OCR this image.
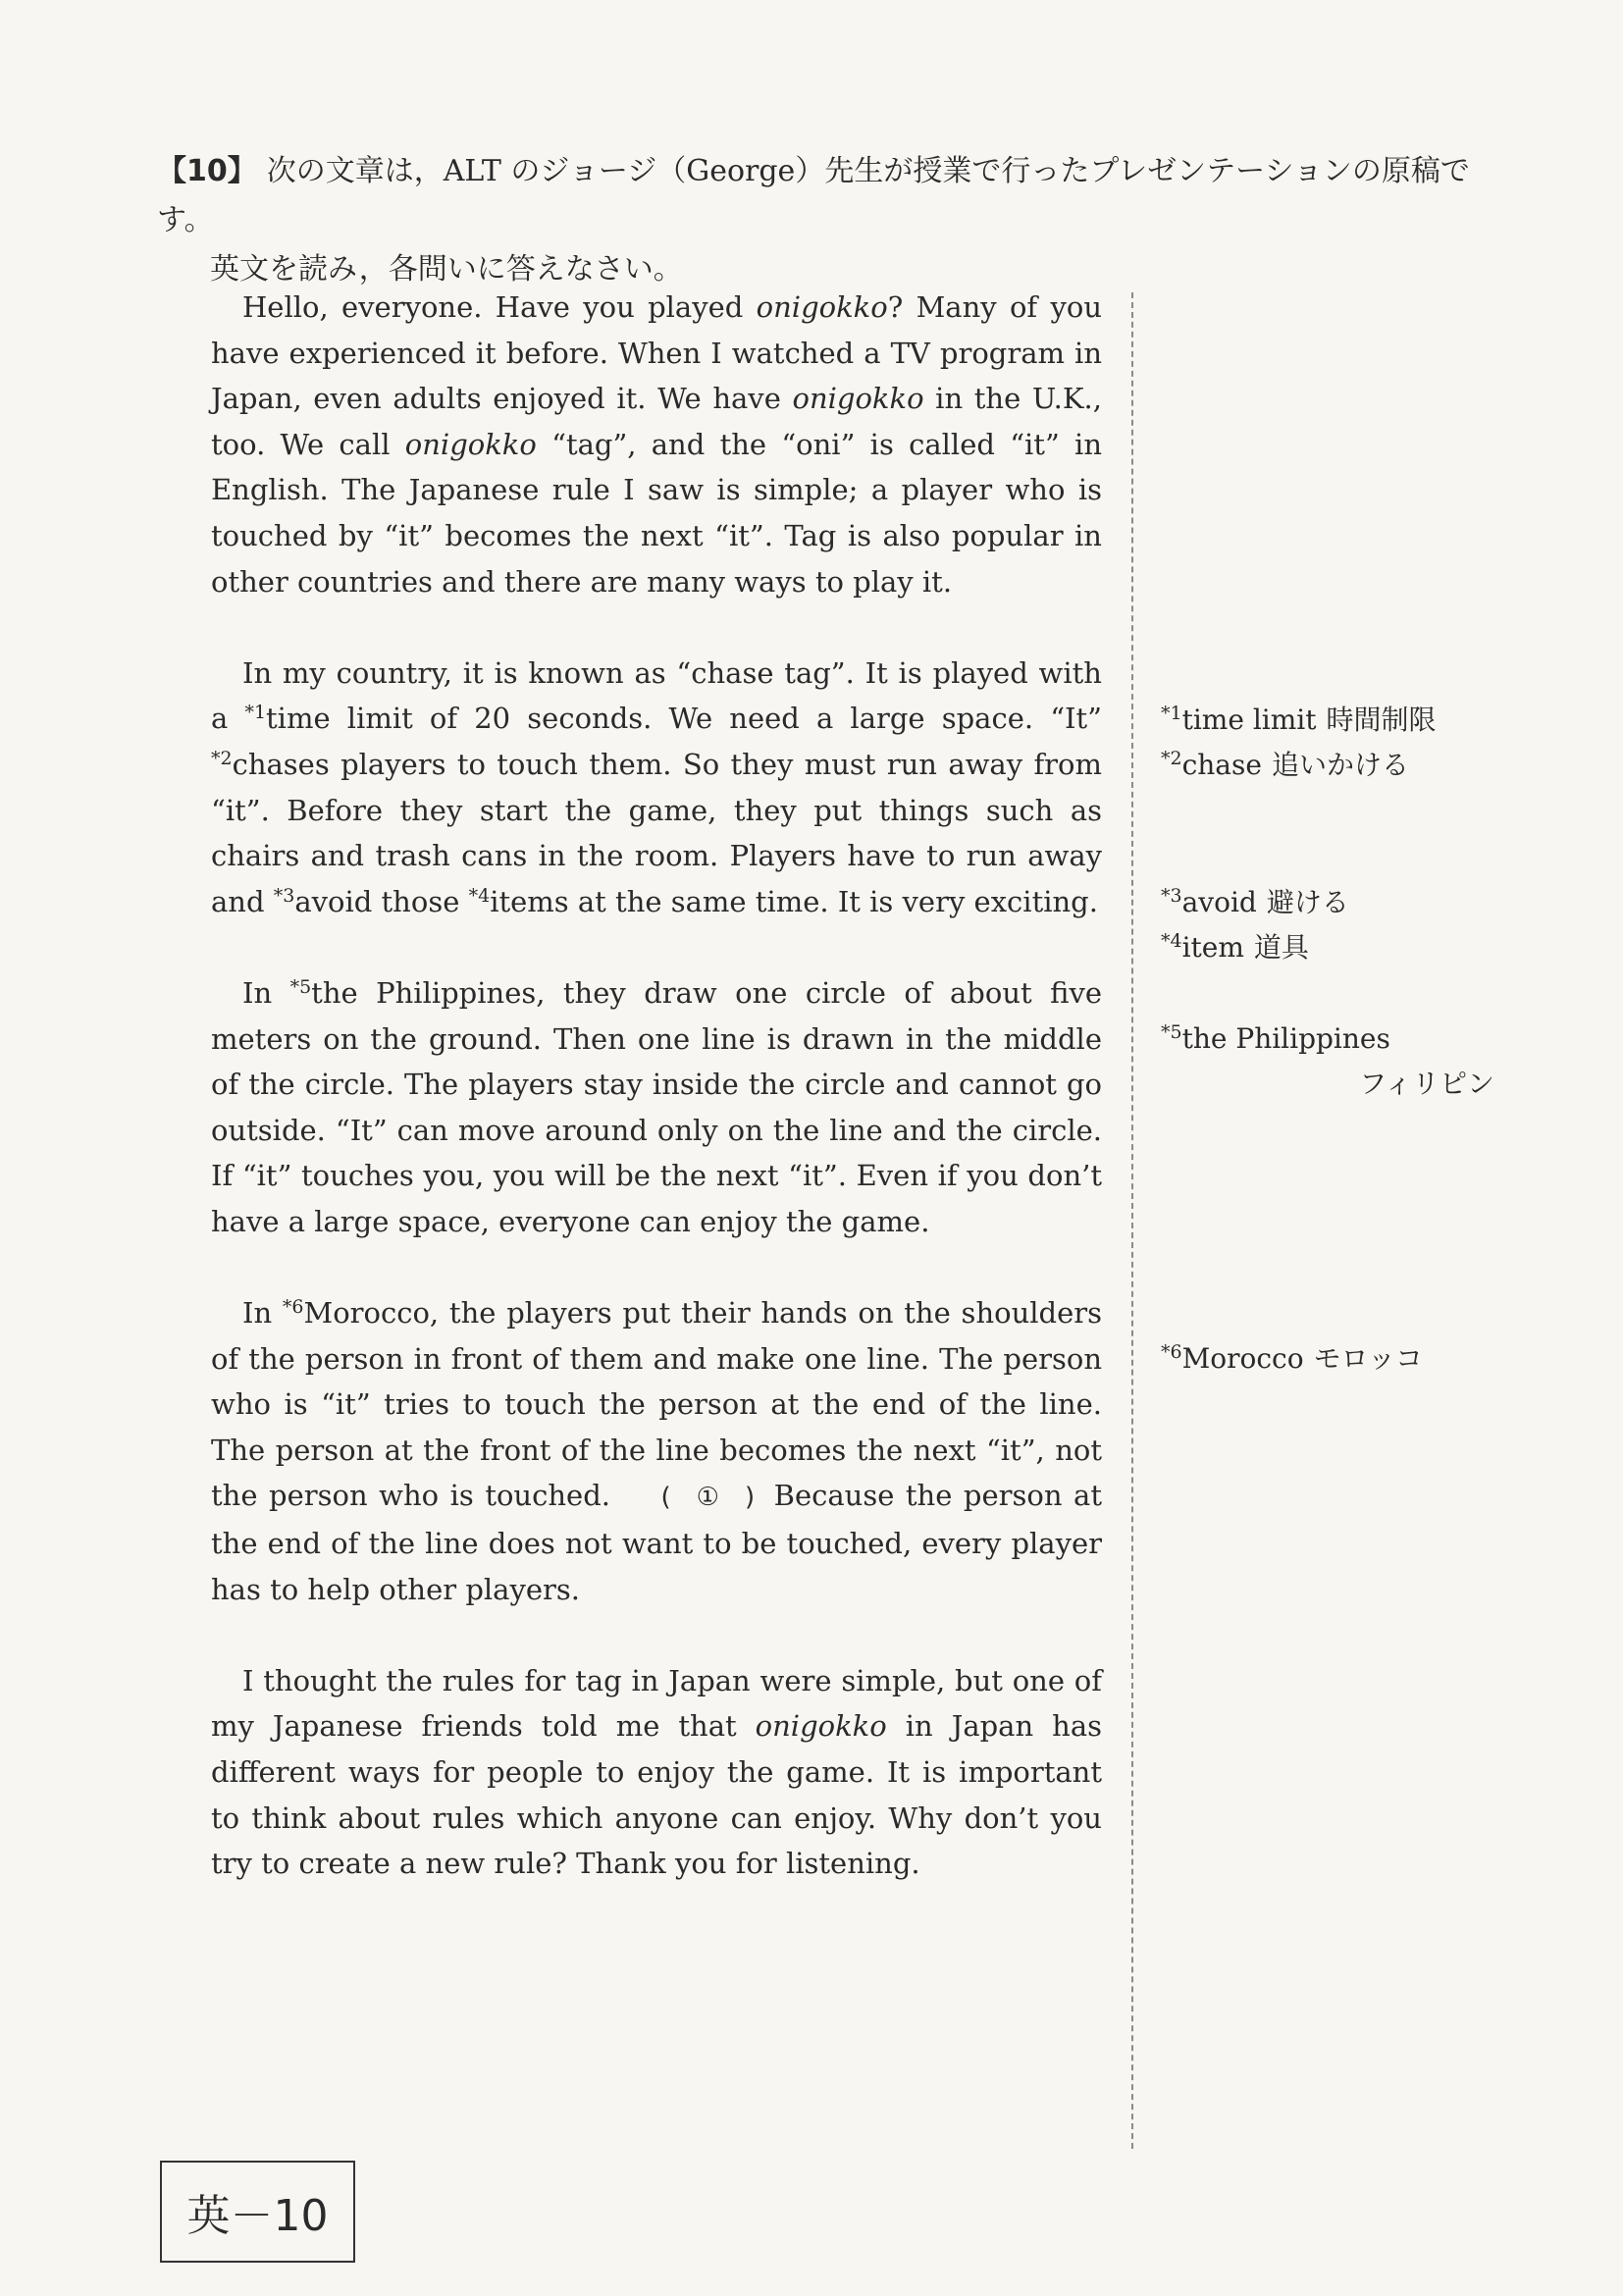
【10】 次の文章は，ALT のジョージ（George）先生が授業で行ったプレゼンテーションの原稿です。
英文を読み，各問いに答えなさい。

Hello, everyone. Have you played onigokko? Many of you have experienced it before. When I watched a TV program in Japan, even adults enjoyed it. We have onigokko in the U.K., too. We call onigokko “tag”, and the “oni” is called “it” in English. The Japanese rule I saw is simple; a player who is touched by “it” becomes the next “it”. Tag is also popular in other countries and there are many ways to play it.

In my country, it is known as “chase tag”. It is played with a $^{*1}$time limit of 20 seconds. We need a large space. “It” $^{*2}$chases players to touch them. So they must run away from “it”. Before they start the game, they put things such as chairs and trash cans in the room. Players have to run away and $^{*3}$avoid those $^{*4}$items at the same time. It is very exciting.

In $^{*5}$the Philippines, they draw one circle of about five meters on the ground. Then one line is drawn in the middle of the circle. The players stay inside the circle and cannot go outside. “It” can move around only on the line and the circle. If “it” touches you, you will be the next “it”. Even if you don’t have a large space, everyone can enjoy the game.

In $^{*6}$Morocco, the players put their hands on the shoulders of the person in front of them and make one line. The person who is “it” tries to touch the person at the end of the line. The person at the front of the line becomes the next “it”, not the person who is touched. (　①　) Because the person at the end of the line does not want to be touched, every player has to help other players.

I thought the rules for tag in Japan were simple, but one of my Japanese friends told me that onigokko in Japan has different ways for people to enjoy the game. It is important to think about rules which anyone can enjoy. Why don’t you try to create a new rule? Thank you for listening.

$^{*1}$time limit 時間制限
$^{*2}$chase 追いかける
$^{*3}$avoid 避ける
$^{*4}$item 道具
$^{*5}$the Philippines
フィリピン
$^{*6}$Morocco モロッコ
英－10
